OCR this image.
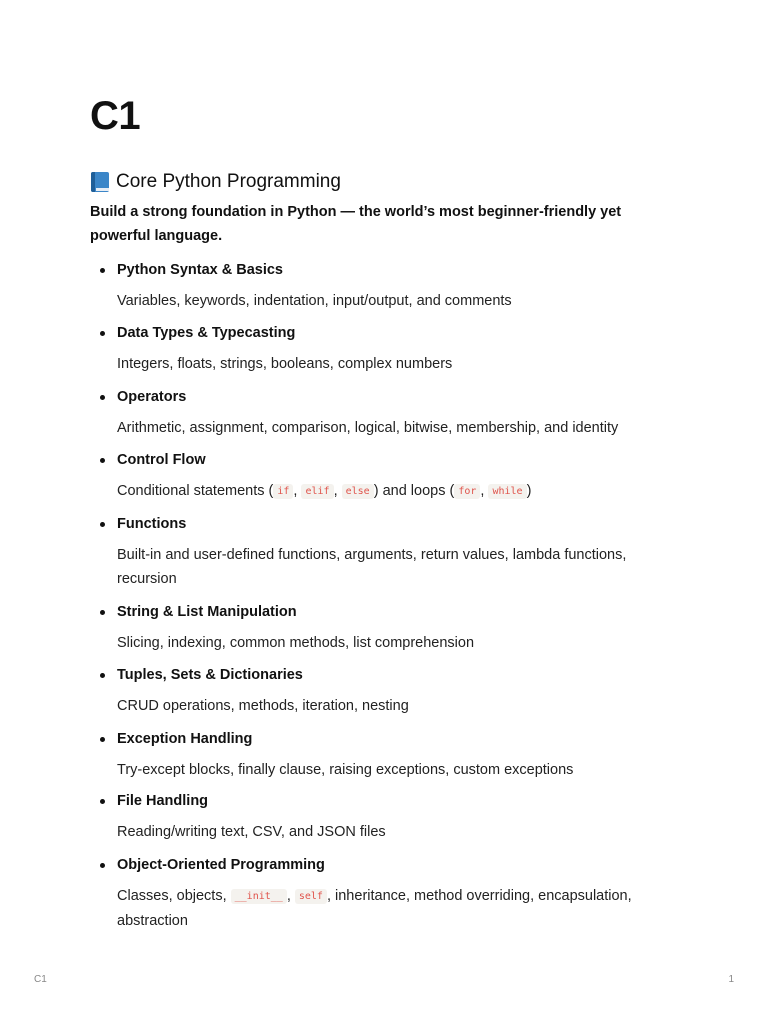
C1
Core Python Programming

Build a strong foundation in Python — the world’s most beginner-friendly yet powerful language.

Python Syntax & Basics
Variables, keywords, indentation, input/output, and comments
Data Types & Typecasting
Integers, floats, strings, booleans, complex numbers
Operators
Arithmetic, assignment, comparison, logical, bitwise, membership, and identity
Control Flow
Conditional statements ( if , elif , else ) and loops ( for , while )
Functions
Built-in and user-defined functions, arguments, return values, lambda functions, recursion
String & List Manipulation
Slicing, indexing, common methods, list comprehension
Tuples, Sets & Dictionaries
CRUD operations, methods, iteration, nesting
Exception Handling
Try-except blocks, finally clause, raising exceptions, custom exceptions
File Handling
Reading/writing text, CSV, and JSON files
Object-Oriented Programming
Classes, objects, __init__ , self , inheritance, method overriding, encapsulation, abstraction
C1	1
